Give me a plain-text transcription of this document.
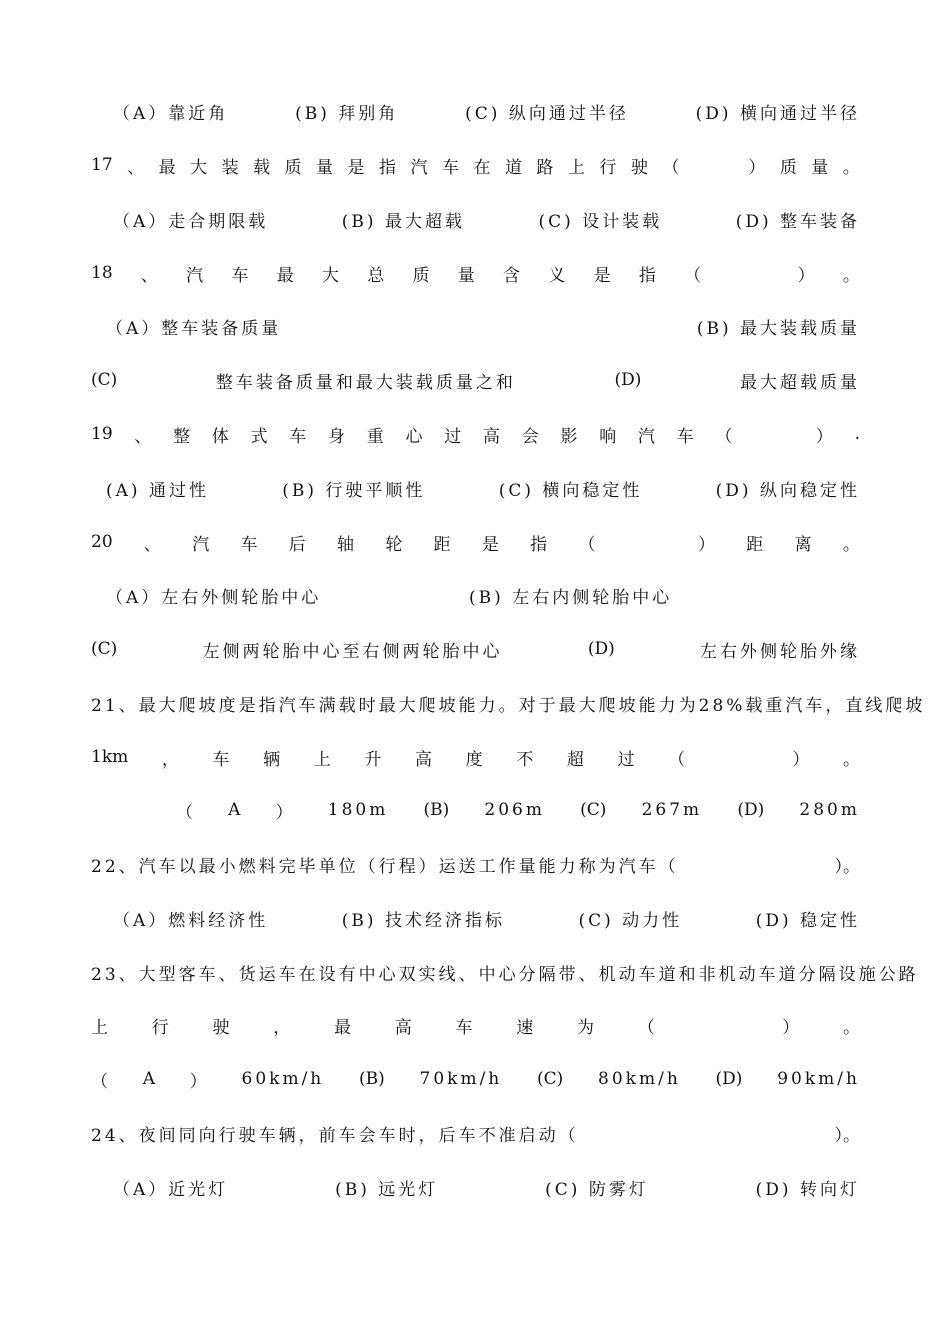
（A）靠近角	(B) 拜别角	(C) 纵向通过半径	(D) 横向通过半径
17 、 最 大 装 载 质 量 是 指 汽 车 在 道 路 上 行 驶 （	） 质 量 。
（A）走合期限载	(B) 最大超载	(C) 设计装载	(D) 整车装备
18 、 汽 车 最 大 总 质 量 含 义 是 指 （	） 。
（A）整车装备质量	(B) 最大装载质量
(C)	整车装备质量和最大装载质量之和	(D)	最大超载质量
19 、 整 体 式 车 身 重 心 过 高 会 影 响 汽 车 （	） .
(A) 通过性	(B) 行驶平顺性	(C) 横向稳定性	(D) 纵向稳定性
20 、 汽 车 后 轴 轮 距 是 指 （	） 距 离 。
（A）左右外侧轮胎中心	(B) 左右内侧轮胎中心
(C)	左侧两轮胎中心至右侧两轮胎中心	(D)	左右外侧轮胎外缘
21、最大爬坡度是指汽车满载时最大爬坡能力。对于最大爬坡能力为28%载重汽车，直线爬坡
1km ， 车 辆 上 升 高 度 不 超 过 （	） 。
（ A ） 180m (B) 206m (C) 267m (D) 280m
22、汽车以最小燃料完毕单位（行程）运送工作量能力称为汽车（	）。
（A）燃料经济性	(B) 技术经济指标	(C) 动力性	(D) 稳定性
23、大型客车、货运车在设有中心双实线、中心分隔带、机动车道和非机动车道分隔设施公路
上	行	驶	，	最	高	车	速	为	（	）	。
（ A ） 60km/h (B) 70km/h (C) 80km/h (D) 90km/h
24、夜间同向行驶车辆，前车会车时，后车不准启动（	）。
（A）近光灯	(B) 远光灯	(C) 防雾灯	(D) 转向灯
